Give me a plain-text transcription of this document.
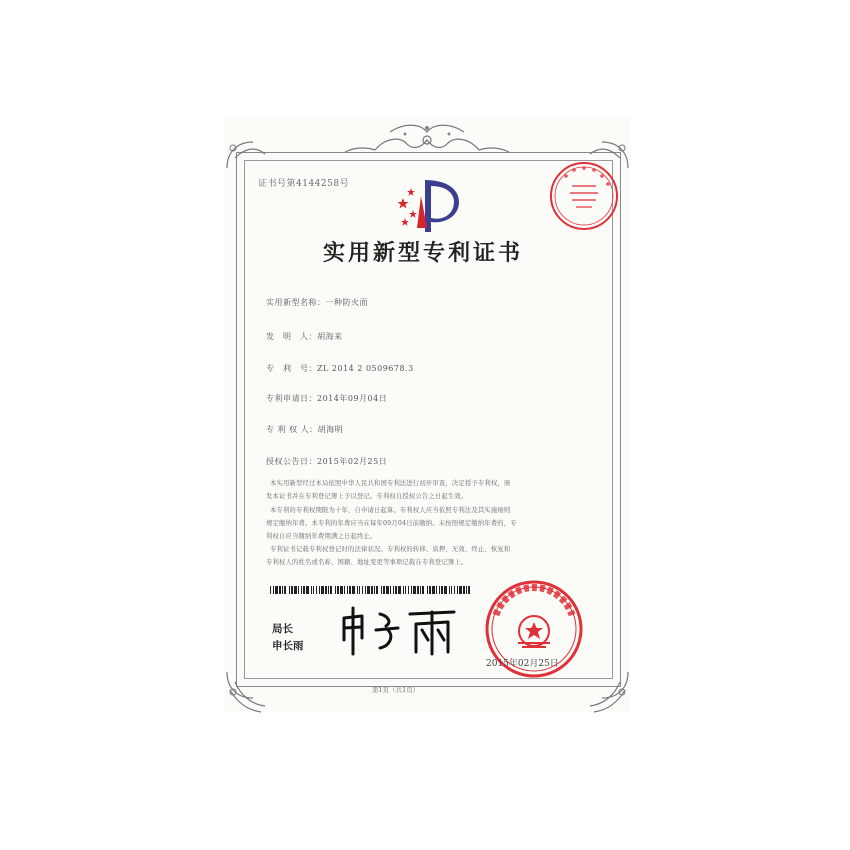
证书号第4144258号
实用新型专利证书
实用新型名称：一种防火面
发　明　人：胡海来
专　利　号：ZL 2014 2 0509678.3
专利申请日：2014年09月04日
专 利 权 人：胡海明
授权公告日：2015年02月25日
本实用新型经过本局依照中华人民共和国专利法进行初步审查，决定授予专利权，颁
发本证书并在专利登记簿上予以登记。专利权自授权公告之日起生效。
本专利的专利权期限为十年，自申请日起算。专利权人应当依照专利法及其实施细则
规定缴纳年费。本专利的年费应当在每年09月04日前缴纳。未按照规定缴纳年费的，专
利权自应当缴纳年费期满之日起终止。
专利证书记载专利权登记时的法律状况。专利权的转移、质押、无效、终止、恢复和
专利权人的姓名或名称、国籍、地址变更等事项记载在专利登记簿上。
局长
申长雨
2015年02月25日
第1页（共1页）
